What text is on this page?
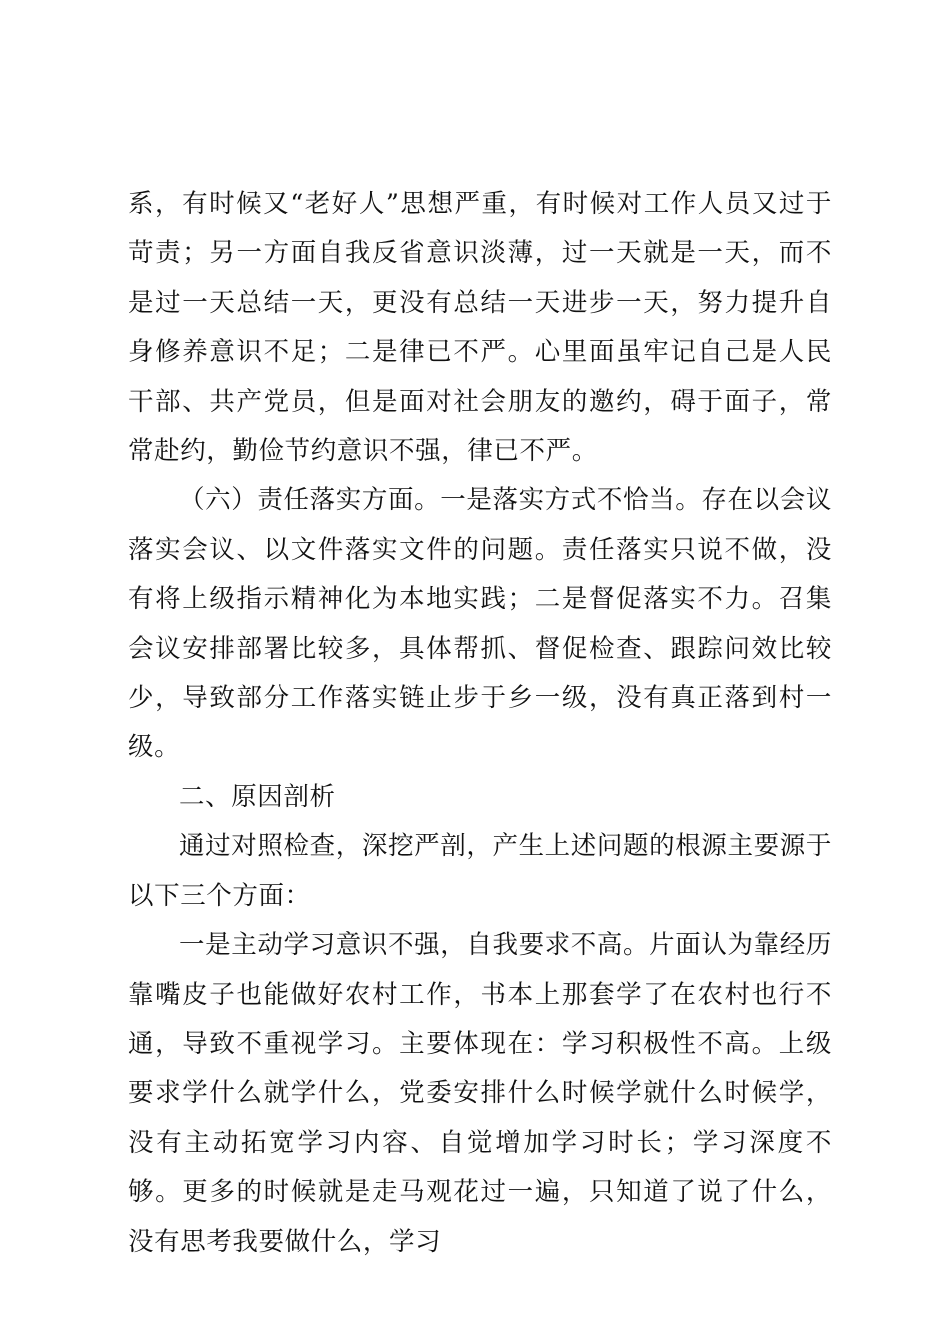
系，有时候又“老好人”思想严重，有时候对工作人员又过于苛责；另一方面自我反省意识淡薄，过一天就是一天，而不是过一天总结一天，更没有总结一天进步一天，努力提升自身修养意识不足；二是律已不严。心里面虽牢记自己是人民干部、共产党员，但是面对社会朋友的邀约，碍于面子，常常赴约，勤俭节约意识不强，律已不严。

（六）责任落实方面。一是落实方式不恰当。存在以会议落实会议、以文件落实文件的问题。责任落实只说不做，没有将上级指示精神化为本地实践；二是督促落实不力。召集会议安排部署比较多，具体帮抓、督促检查、跟踪问效比较少，导致部分工作落实链止步于乡一级，没有真正落到村一级。

二、原因剖析

通过对照检查，深挖严剖，产生上述问题的根源主要源于以下三个方面：

一是主动学习意识不强，自我要求不高。片面认为靠经历靠嘴皮子也能做好农村工作，书本上那套学了在农村也行不通，导致不重视学习。主要体现在：学习积极性不高。上级要求学什么就学什么，党委安排什么时候学就什么时候学，没有主动拓宽学习内容、自觉增加学习时长；学习深度不够。更多的时候就是走马观花过一遍，只知道了说了什么，没有思考我要做什么，学习
